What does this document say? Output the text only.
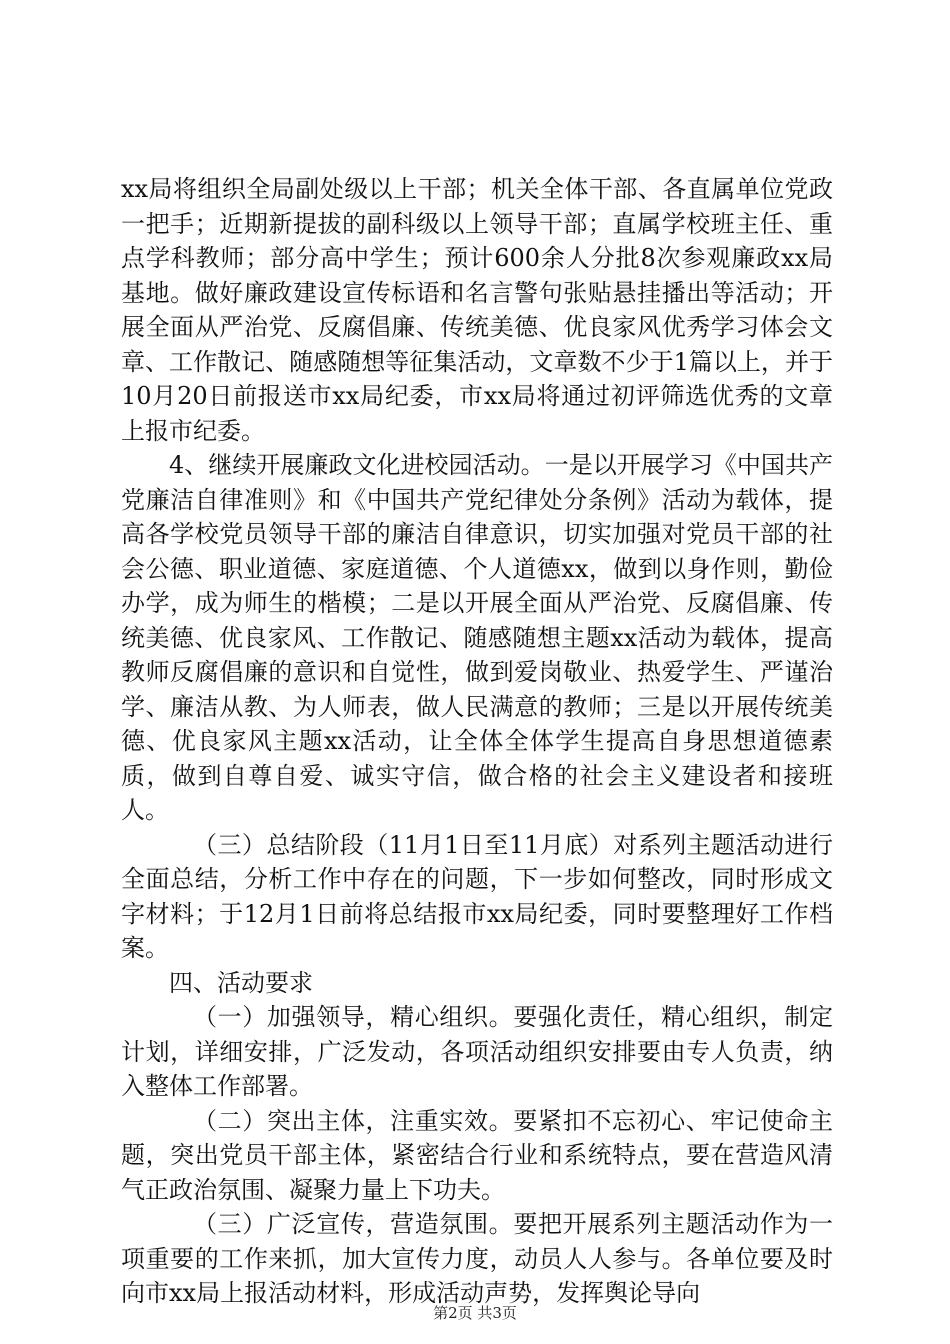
xx局将组织全局副处级以上干部；机关全体干部、各直属单位党政一把手；近期新提拔的副科级以上领导干部；直属学校班主任、重点学科教师；部分高中学生；预计600余人分批8次参观廉政xx局基地。做好廉政建设宣传标语和名言警句张贴悬挂播出等活动；开展全面从严治党、反腐倡廉、传统美德、优良家风优秀学习体会文章、工作散记、随感随想等征集活动，文章数不少于1篇以上，并于10月20日前报送市xx局纪委，市xx局将通过初评筛选优秀的文章上报市纪委。

4、继续开展廉政文化进校园活动。一是以开展学习《中国共产党廉洁自律准则》和《中国共产党纪律处分条例》活动为载体，提高各学校党员领导干部的廉洁自律意识，切实加强对党员干部的社会公德、职业道德、家庭道德、个人道德xx，做到以身作则，勤俭办学，成为师生的楷模；二是以开展全面从严治党、反腐倡廉、传统美德、优良家风、工作散记、随感随想主题xx活动为载体，提高教师反腐倡廉的意识和自觉性，做到爱岗敬业、热爱学生、严谨治学、廉洁从教、为人师表，做人民满意的教师；三是以开展传统美德、优良家风主题xx活动，让全体全体学生提高自身思想道德素质，做到自尊自爱、诚实守信，做合格的社会主义建设者和接班人。

（三）总结阶段（11月1日至11月底）对系列主题活动进行全面总结，分析工作中存在的问题，下一步如何整改，同时形成文字材料；于12月1日前将总结报市xx局纪委，同时要整理好工作档案。

四、活动要求

（一）加强领导，精心组织。要强化责任，精心组织，制定计划，详细安排，广泛发动，各项活动组织安排要由专人负责，纳入整体工作部署。

（二）突出主体，注重实效。要紧扣不忘初心、牢记使命主题，突出党员干部主体，紧密结合行业和系统特点，要在营造风清气正政治氛围、凝聚力量上下功夫。

（三）广泛宣传，营造氛围。要把开展系列主题活动作为一项重要的工作来抓，加大宣传力度，动员人人参与。各单位要及时向市xx局上报活动材料，形成活动声势，发挥舆论导向

第2页 共3页
